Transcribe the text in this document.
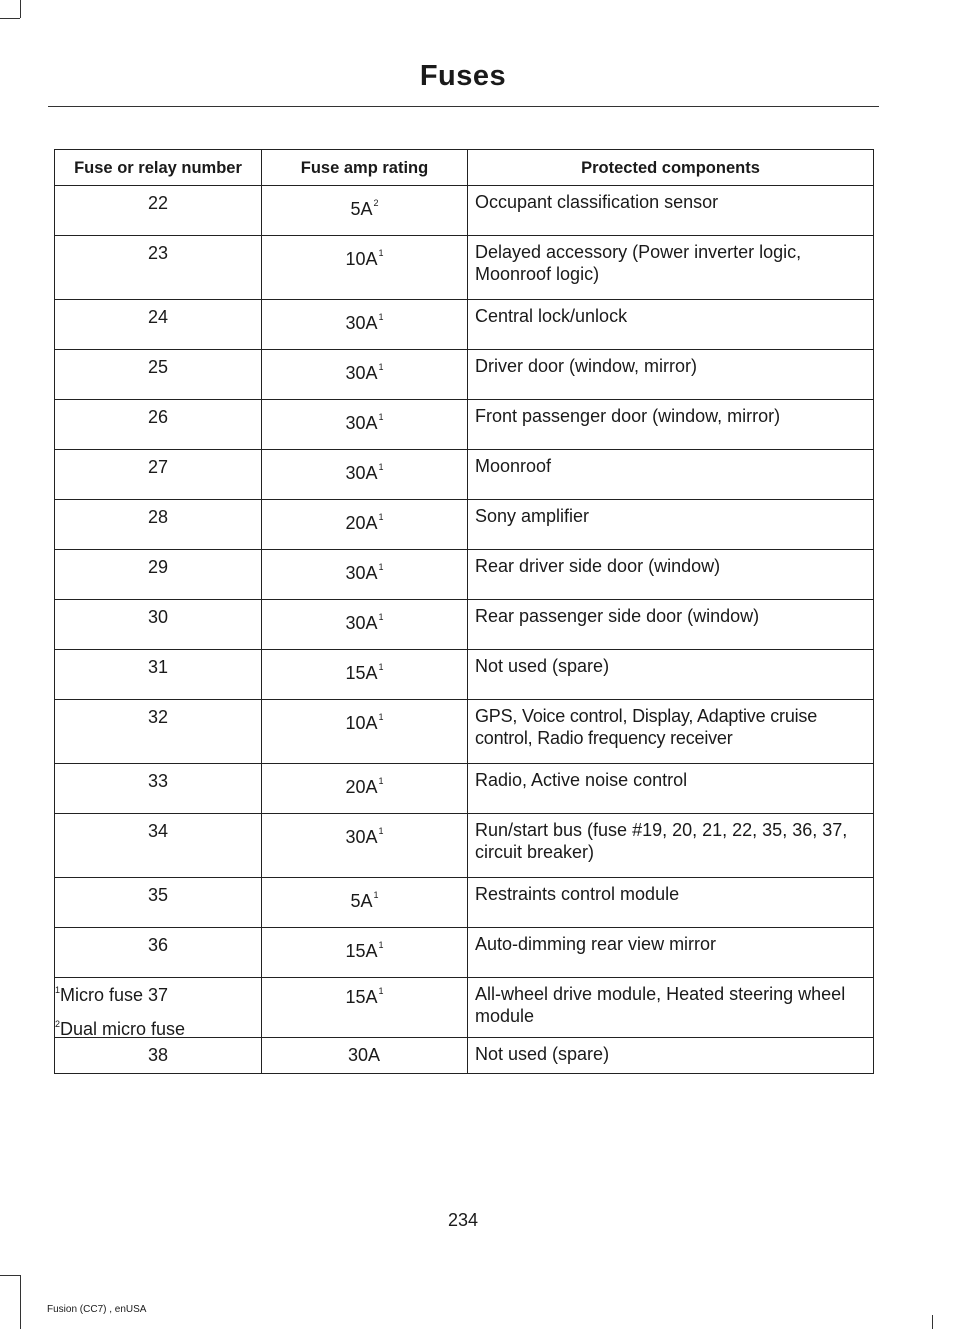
Fuses
Fuse or relay number	Fuse amp rating	Protected components
22	$5A^2$	Occupant classification sensor
23	$10A^1$	Delayed accessory (Power inverter logic, Moonroof logic)
24	$30A^1$	Central lock/unlock
25	$30A^1$	Driver door (window, mirror)
26	$30A^1$	Front passenger door (window, mirror)
27	$30A^1$	Moonroof
28	$20A^1$	Sony amplifier
29	$30A^1$	Rear driver side door (window)
30	$30A^1$	Rear passenger side door (window)
31	$15A^1$	Not used (spare)
32	$10A^1$	GPS, Voice control, Display, Adaptive cruise control, Radio frequency receiver
33	$20A^1$	Radio, Active noise control
34	$30A^1$	Run/start bus (fuse #19, 20, 21, 22, 35, 36, 37, circuit breaker)
35	$5A^1$	Restraints control module
36	$15A^1$	Auto-dimming rear view mirror
37	$15A^1$	All-wheel drive module, Heated steering wheel module
38	30A	Not used (spare)
$^1$Micro fuse
$^2$Dual micro fuse
234
Fusion (CC7) , enUSA
